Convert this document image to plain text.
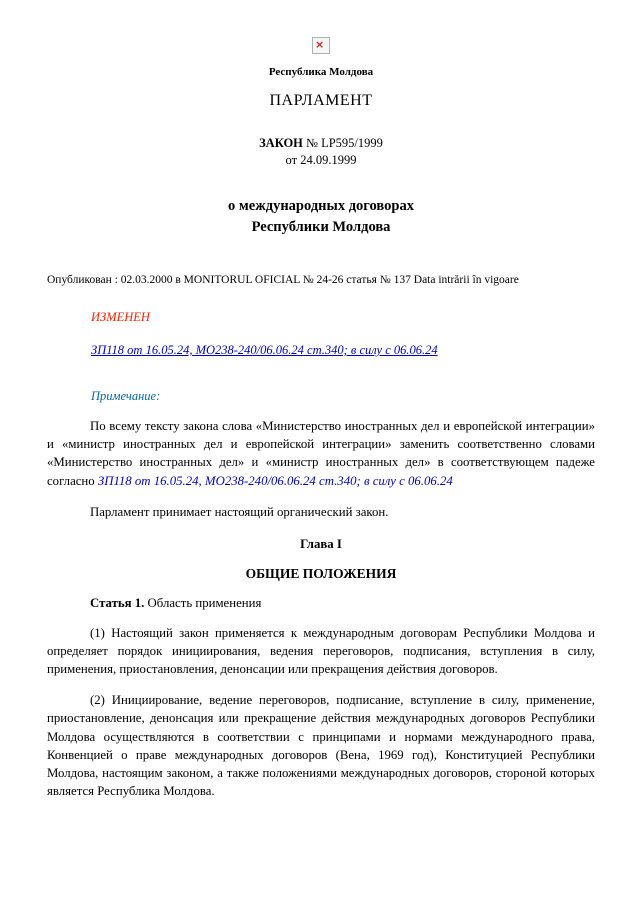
×
Республика Молдова
ПАРЛАМЕНТ
ЗАКОН № LP595/1999
от 24.09.1999
о международных договорах
Республики Молдова
Опубликован : 02.03.2000 в MONITORUL OFICIAL № 24-26 статья № 137 Data intrării în vigoare
ИЗМЕНЕН
ЗП118 от 16.05.24, МО238-240/06.06.24 ст.340; в силу с 06.06.24
Примечание:

По всему тексту закона слова «Министерство иностранных дел и европейской интеграции» и «министр иностранных дел и европейской интеграции» заменить соответственно словами «Министерство иностранных дел» и «министр иностранных дел» в соответствующем падеже согласно ЗП118 от 16.05.24, МО238-240/06.06.24 ст.340; в силу с 06.06.24

Парламент принимает настоящий органический закон.

Глава I
ОБЩИЕ ПОЛОЖЕНИЯ

Статья 1. Область применения

(1) Настоящий закон применяется к международным договорам Республики Молдова и определяет порядок инициирования, ведения переговоров, подписания, вступления в силу, применения, приостановления, денонсации или прекращения действия договоров.

(2) Инициирование, ведение переговоров, подписание, вступление в силу, применение, приостановление, денонсация или прекращение действия международных договоров Республики Молдова осуществляются в соответствии с принципами и нормами международного права, Конвенцией о праве международных договоров (Вена, 1969 год), Конституцией Республики Молдова, настоящим законом, а также положениями международных договоров, стороной которых является Республика Молдова.
